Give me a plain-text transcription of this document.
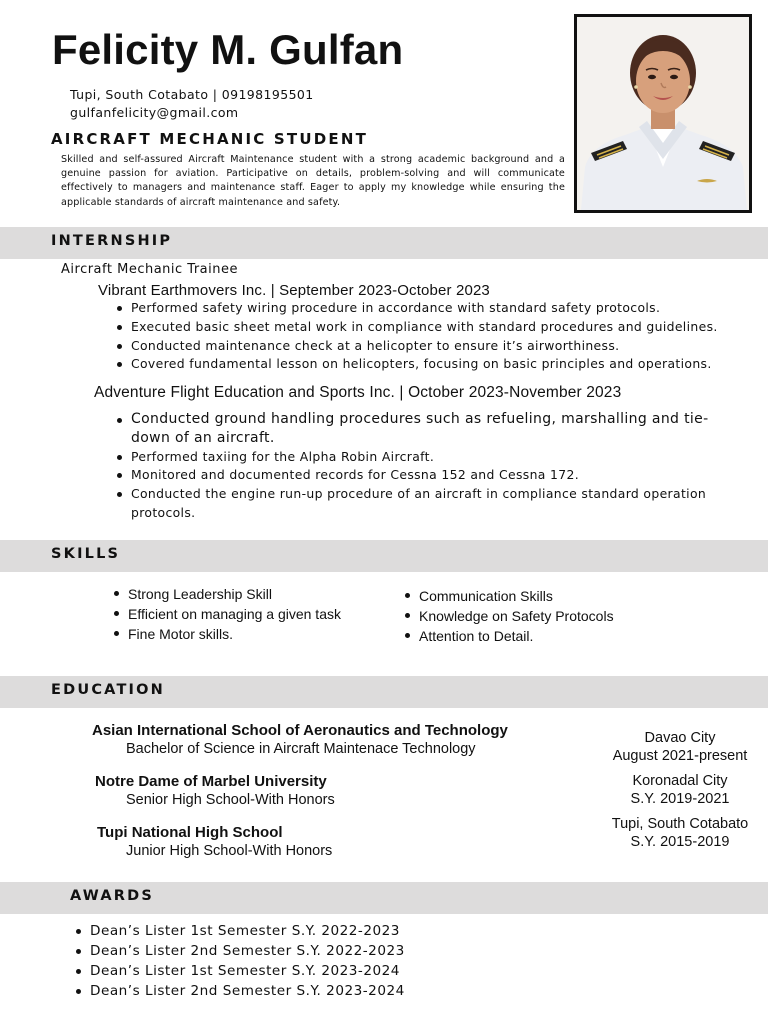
Felicity M. Gulfan
Tupi, South Cotabato | 09198195501
gulfanfelicity@gmail.com
AIRCRAFT MECHANIC STUDENT

Skilled and self-assured Aircraft Maintenance student with a strong academic background and a genuine passion for aviation. Participative on details, problem-solving and will communicate effectively to managers and maintenance staff. Eager to apply my knowledge while ensuring the applicable standards of aircraft maintenance and safety.

INTERNSHIP
Aircraft Mechanic Trainee
Vibrant Earthmovers Inc. | September 2023-October 2023
Performed safety wiring procedure in accordance with standard safety protocols.
Executed basic sheet metal work in compliance with standard procedures and guidelines.
Conducted maintenance check at a helicopter to ensure it’s airworthiness.
Covered fundamental lesson on helicopters, focusing on basic principles and operations.
Adventure Flight Education and Sports Inc. | October 2023-November 2023
Conducted ground handling procedures such as refueling, marshalling and tie-down of an aircraft.
Performed taxiing for the Alpha Robin Aircraft.
Monitored and documented records for Cessna 152 and Cessna 172.
Conducted the engine run-up procedure of an aircraft in compliance standard operation protocols.
SKILLS
Strong Leadership Skill
Efficient on managing a given task
Fine Motor skills.
Communication Skills
Knowledge on Safety Protocols
Attention to Detail.
EDUCATION
Asian International School of Aeronautics and Technology
Bachelor of Science in Aircraft Maintenace Technology
Davao City
August 2021-present
Notre Dame of Marbel University
Senior High School-With Honors
Koronadal City
S.Y. 2019-2021
Tupi National High School
Junior High School-With Honors
Tupi, South Cotabato
S.Y. 2015-2019
AWARDS
Dean’s Lister 1st Semester S.Y. 2022-2023
Dean’s Lister 2nd Semester S.Y. 2022-2023
Dean’s Lister 1st Semester S.Y. 2023-2024
Dean’s Lister 2nd Semester S.Y. 2023-2024
